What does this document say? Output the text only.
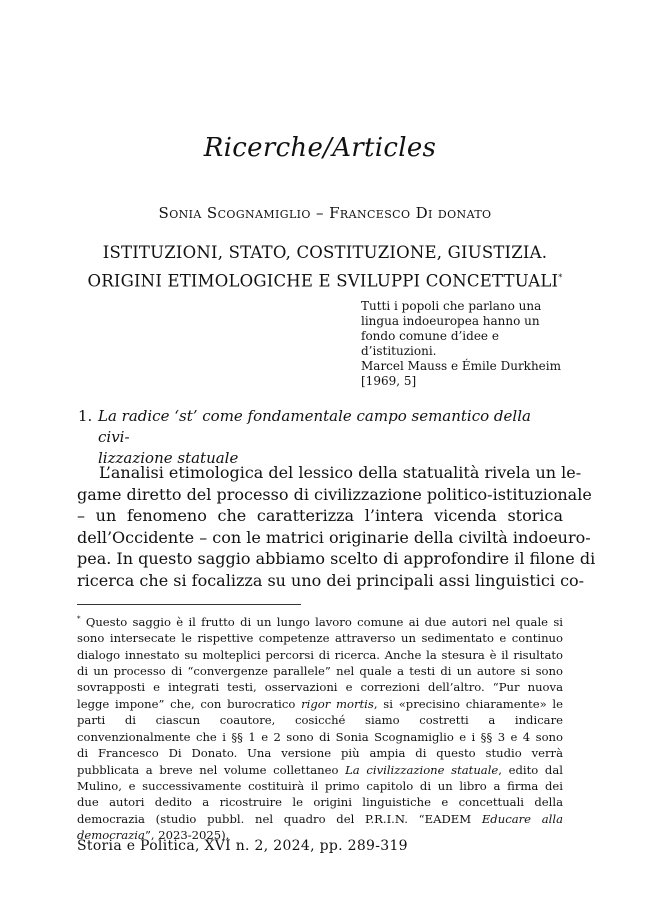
Ricerche/Articles
Sonia Scognamiglio – Francesco Di donato
ISTITUZIONI, STATO, COSTITUZIONE, GIUSTIZIA.
ORIGINI ETIMOLOGICHE E SVILUPPI CONCETTUALI*
Tutti i popoli che parlano una
lingua indoeuropea hanno un
fondo comune d’idee e
d’istituzioni.
Marcel Mauss e Émile Durkheim
[1969, 5]
1. La radice ‘st’ come fondamentale campo semantico della civi-
lizzazione statuale
L’analisi etimologica del lessico della statualità rivela un le-
game diretto del processo di civilizzazione politico-istituzionale
– un fenomeno che caratterizza l’intera vicenda storica
dell’Occidente – con le matrici originarie della civiltà indoeuro-
pea. In questo saggio abbiamo scelto di approfondire il filone di
ricerca che si focalizza su uno dei principali assi linguistici co-
* Questo saggio è il frutto di un lungo lavoro comune ai due autori nel quale si
sono intersecate le rispettive competenze attraverso un sedimentato e continuo
dialogo innestato su molteplici percorsi di ricerca. Anche la stesura è il risultato
di un processo di “convergenze parallele” nel quale a testi di un autore si sono
sovrapposti e integrati testi, osservazioni e correzioni dell’altro. “Pur nuova
legge impone” che, con burocratico rigor mortis, si «precisino chiaramente» le
parti di ciascun coautore, cosicché siamo costretti a indicare
convenzionalmente che i §§ 1 e 2 sono di Sonia Scognamiglio e i §§ 3 e 4 sono
di Francesco Di Donato. Una versione più ampia di questo studio verrà
pubblicata a breve nel volume collettaneo La civilizzazione statuale, edito dal
Mulino, e successivamente costituirà il primo capitolo di un libro a firma dei
due autori dedito a ricostruire le origini linguistiche e concettuali della
democrazia (studio pubbl. nel quadro del P.R.I.N. “EADEM Educare alla
democrazia”, 2023-2025).
Storia e Politica, XVI n. 2, 2024, pp. 289-319
